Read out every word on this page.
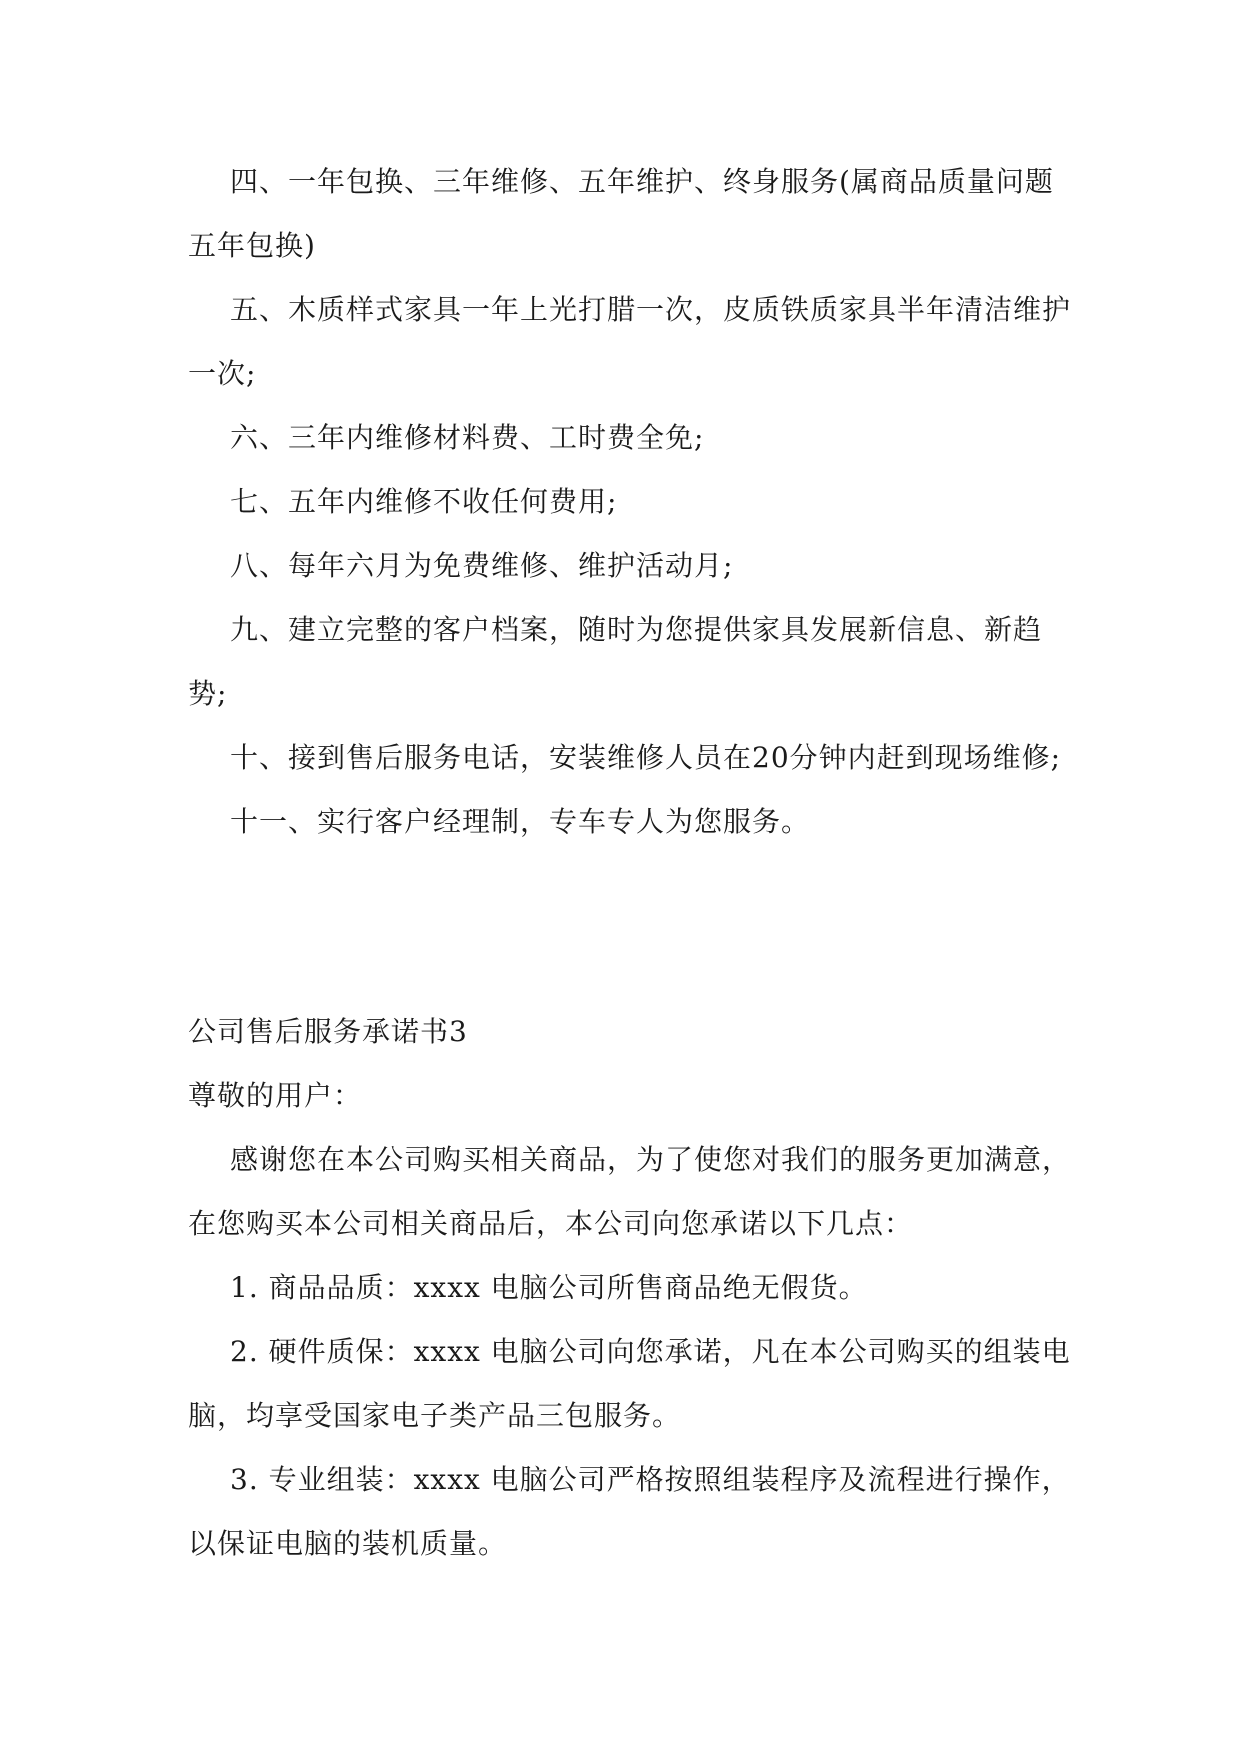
四、一年包换、三年维修、五年维护、终身服务(属商品质量问题五年包换)

五、木质样式家具一年上光打腊一次，皮质铁质家具半年清洁维护一次;

六、三年内维修材料费、工时费全免;

七、五年内维修不收任何费用;

八、每年六月为免费维修、维护活动月;

九、建立完整的客户档案，随时为您提供家具发展新信息、新趋势;

十、接到售后服务电话，安装维修人员在20分钟内赶到现场维修;

十一、实行客户经理制，专车专人为您服务。

公司售后服务承诺书3

尊敬的用户：

感谢您在本公司购买相关商品，为了使您对我们的服务更加满意，在您购买本公司相关商品后，本公司向您承诺以下几点：

1. 商品品质：xxxx 电脑公司所售商品绝无假货。

2. 硬件质保：xxxx 电脑公司向您承诺，凡在本公司购买的组装电脑，均享受国家电子类产品三包服务。

3. 专业组装：xxxx 电脑公司严格按照组装程序及流程进行操作，以保证电脑的装机质量。
